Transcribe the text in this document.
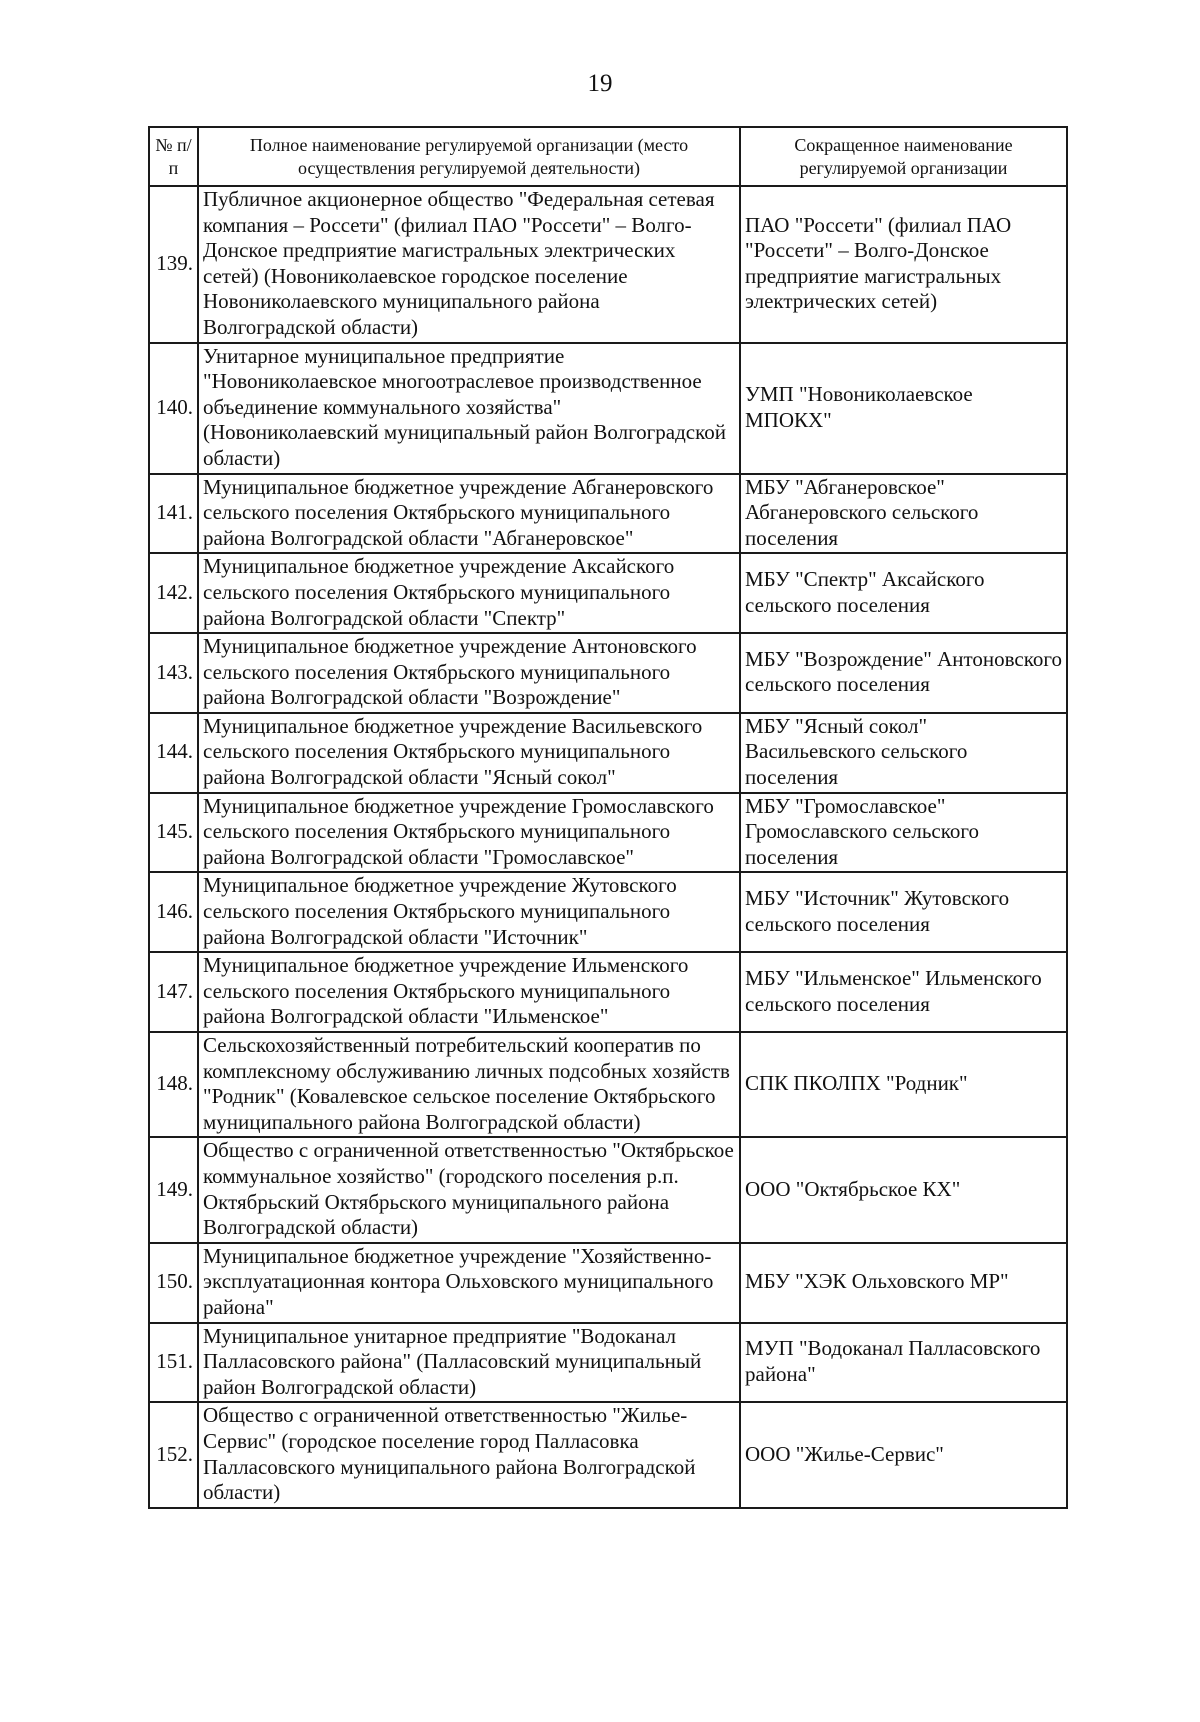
19
№ п/п	Полное наименование регулируемой организации (место осуществления регулируемой деятельности)	Сокращенное наименование регулируемой организации
139.	Публичное акционерное общество "Федеральная сетевая компания – Россети" (филиал ПАО "Россети" – Волго-Донское предприятие магистральных электрических сетей) (Новониколаевское городское поселение Новониколаевского муниципального района Волгоградской области)	ПАО "Россети" (филиал ПАО "Россети" – Волго-Донское предприятие магистральных электрических сетей)
140.	Унитарное муниципальное предприятие "Новониколаевское многоотраслевое производственное объединение коммунального хозяйства" (Новониколаевский муниципальный район Волгоградской области)	УМП "Новониколаевское МПОКХ"
141.	Муниципальное бюджетное учреждение Абганеровского сельского поселения Октябрьского муниципального района Волгоградской области "Абганеровское"	МБУ "Абганеровское" Абганеровского сельского поселения
142.	Муниципальное бюджетное учреждение Аксайского сельского поселения Октябрьского муниципального района Волгоградской области "Спектр"	МБУ "Спектр" Аксайского сельского поселения
143.	Муниципальное бюджетное учреждение Антоновского сельского поселения Октябрьского муниципального района Волгоградской области "Возрождение"	МБУ "Возрождение" Антоновского сельского поселения
144.	Муниципальное бюджетное учреждение Васильевского сельского поселения Октябрьского муниципального района Волгоградской области "Ясный сокол"	МБУ "Ясный сокол" Васильевского сельского поселения
145.	Муниципальное бюджетное учреждение Громославского сельского поселения Октябрьского муниципального района Волгоградской области "Громославское"	МБУ "Громославское" Громославского сельского поселения
146.	Муниципальное бюджетное учреждение Жутовского сельского поселения Октябрьского муниципального района Волгоградской области "Источник"	МБУ "Источник" Жутовского сельского поселения
147.	Муниципальное бюджетное учреждение Ильменского сельского поселения Октябрьского муниципального района Волгоградской области "Ильменское"	МБУ "Ильменское" Ильменского сельского поселения
148.	Сельскохозяйственный потребительский кооператив по комплексному обслуживанию личных подсобных хозяйств "Родник" (Ковалевское сельское поселение Октябрьского муниципального района Волгоградской области)	СПК ПКОЛПХ "Родник"
149.	Общество с ограниченной ответственностью "Октябрьское коммунальное хозяйство" (городского поселения р.п. Октябрьский Октябрьского муниципального района Волгоградской области)	ООО "Октябрьское КХ"
150.	Муниципальное бюджетное учреждение "Хозяйственно-эксплуатационная контора Ольховского муниципального района"	МБУ "ХЭК Ольховского МР"
151.	Муниципальное унитарное предприятие "Водоканал Палласовского района" (Палласовский муниципальный район Волгоградской области)	МУП "Водоканал Палласовского района"
152.	Общество с ограниченной ответственностью "Жилье-Сервис" (городское поселение город Палласовка Палласовского муниципального района Волгоградской области)	ООО "Жилье-Сервис"
